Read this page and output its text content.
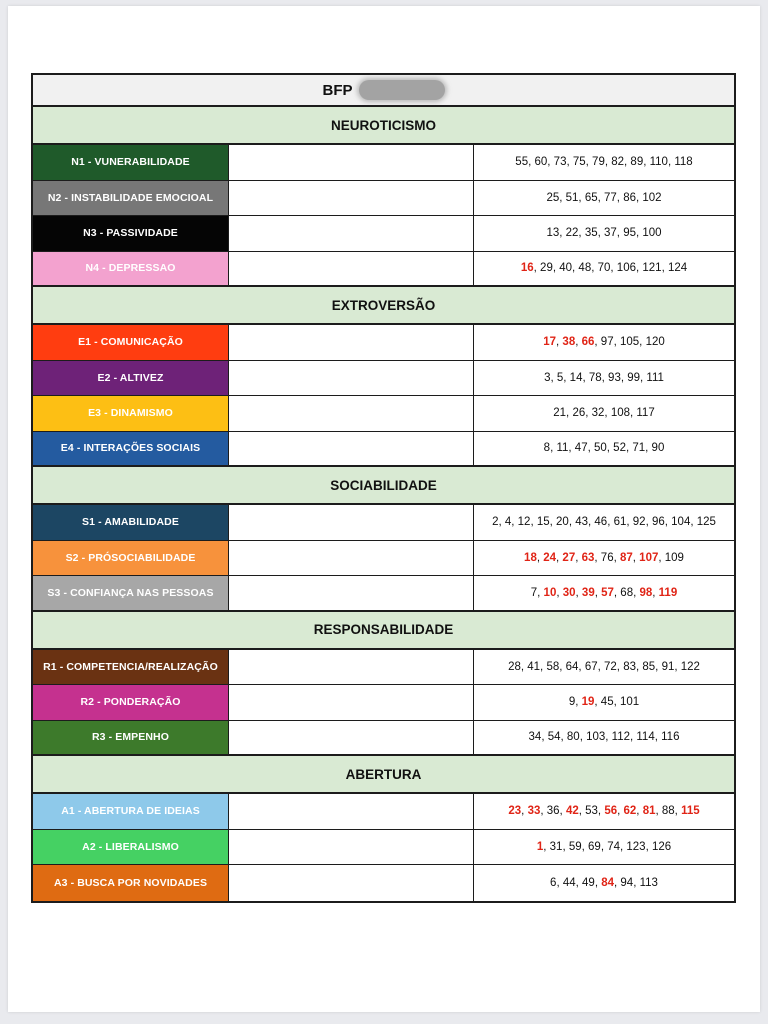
BFP
NEUROTICISMO
N1 - VUNERABILIDADE	55 , 60 , 73 , 75 , 79 , 82 , 89 , 110 , 118
N2 - INSTABILIDADE EMOCIOAL	25 , 51 , 65 , 77 , 86 , 102
N3 - PASSIVIDADE	13 , 22 , 35 , 37 , 95 , 100
N4 - DEPRESSAO	16 , 29 , 40 , 48 , 70 , 106 , 121 , 124
EXTROVERSÃO
E1 - COMUNICAÇÃO	17 , 38 , 66 , 97 , 105 , 120
E2 - ALTIVEZ	3 , 5 , 14 , 78 , 93 , 99 , 111
E3 - DINAMISMO	21 , 26 , 32 , 108 , 117
E4 - INTERAÇÕES SOCIAIS	8 , 11 , 47 , 50 , 52 , 71 , 90
SOCIABILIDADE
S1 - AMABILIDADE	2 , 4 , 12 , 15 , 20 , 43 , 46 , 61 , 92 , 96 , 104 , 125
S2 - PRÓSOCIABILIDADE	18 , 24 , 27 , 63 , 76 , 87 , 107 , 109
S3 - CONFIANÇA NAS PESSOAS	7 , 10 , 30 , 39 , 57 , 68 , 98 , 119
RESPONSABILIDADE
R1 - COMPETENCIA/REALIZAÇÃO	28 , 41 , 58 , 64 , 67 , 72 , 83 , 85 , 91 , 122
R2 - PONDERAÇÃO	9 , 19 , 45 , 101
R3 - EMPENHO	34 , 54 , 80 , 103 , 112 , 114 , 116
ABERTURA
A1 - ABERTURA DE IDEIAS	23 , 33 , 36 , 42 , 53 , 56 , 62 , 81 , 88 , 115
A2 - LIBERALISMO	1 , 31 , 59 , 69 , 74 , 123 , 126
A3 - BUSCA POR NOVIDADES	6 , 44 , 49 , 84 , 94 , 113
